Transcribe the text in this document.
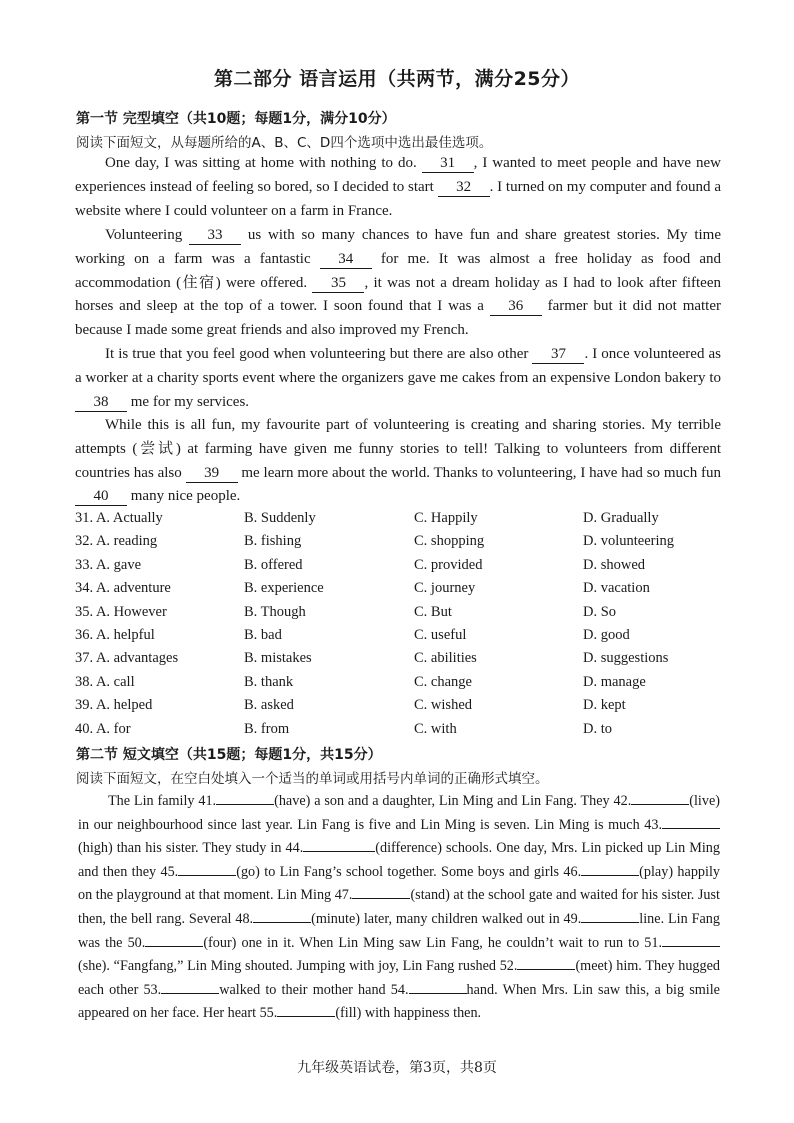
第二部分 语言运用（共两节，满分25分）
第一节 完型填空（共10题；每题1分，满分10分）
阅读下面短文，从每题所给的A、B、C、D四个选项中选出最佳选项。

One day, I was sitting at home with nothing to do. 31 , I wanted to meet people and have new experiences instead of feeling so bored, so I decided to start 32 . I turned on my computer and found a website where I could volunteer on a farm in France.

Volunteering 33 us with so many chances to have fun and share greatest stories. My time working on a farm was a fantastic 34 for me. It was almost a free holiday as food and accommodation (住宿) were offered. 35 , it was not a dream holiday as I had to look after fifteen horses and sleep at the top of a tower. I soon found that I was a 36 farmer but it did not matter because I made some great friends and also improved my French.

It is true that you feel good when volunteering but there are also other 37 . I once volunteered as a worker at a charity sports event where the organizers gave me cakes from an expensive London bakery to 38 me for my services.

While this is all fun, my favourite part of volunteering is creating and sharing stories. My terrible attempts (尝试) at farming have given me funny stories to tell! Talking to volunteers from different countries has also 39 me learn more about the world. Thanks to volunteering, I have had so much fun 40 many nice people.

31. A. Actually	B. Suddenly	C. Happily	D. Gradually
32. A. reading	B. fishing	C. shopping	D. volunteering
33. A. gave	B. offered	C. provided	D. showed
34. A. adventure	B. experience	C. journey	D. vacation
35. A. However	B. Though	C. But	D. So
36. A. helpful	B. bad	C. useful	D. good
37. A. advantages	B. mistakes	C. abilities	D. suggestions
38. A. call	B. thank	C. change	D. manage
39. A. helped	B. asked	C. wished	D. kept
40. A. for	B. from	C. with	D. to
第二节 短文填空（共15题；每题1分，共15分）
阅读下面短文，在空白处填入一个适当的单词或用括号内单词的正确形式填空。

The Lin family 41.	(have) a son and a daughter, Lin Ming and Lin Fang. They 42.	(live) in our neighbourhood since last year. Lin Fang is five and Lin Ming is seven. Lin Ming is much 43.(high) than his sister. They study in 44.	(difference) schools. One day, Mrs. Lin picked up Lin Ming and then they 45.	(go) to Lin Fang’s school together. Some boys and girls 46.	(play) happily on the playground at that moment. Lin Ming 47.	(stand) at the school gate and waited for his sister. Just then, the bell rang. Several 48.	(minute) later, many children walked out in 49.	line. Lin Fang was the 50.	(four) one in it. When Lin Ming saw Lin Fang, he couldn’t wait to run to 51.(she). “Fangfang,” Lin Ming shouted. Jumping with joy, Lin Fang rushed 52.	(meet) him. They hugged each other 53.	walked to their mother hand 54.	hand. When Mrs. Lin saw this, a big smile appeared on her face. Her heart 55.	(fill) with happiness then.

九年级英语试卷，第3页，共8页
